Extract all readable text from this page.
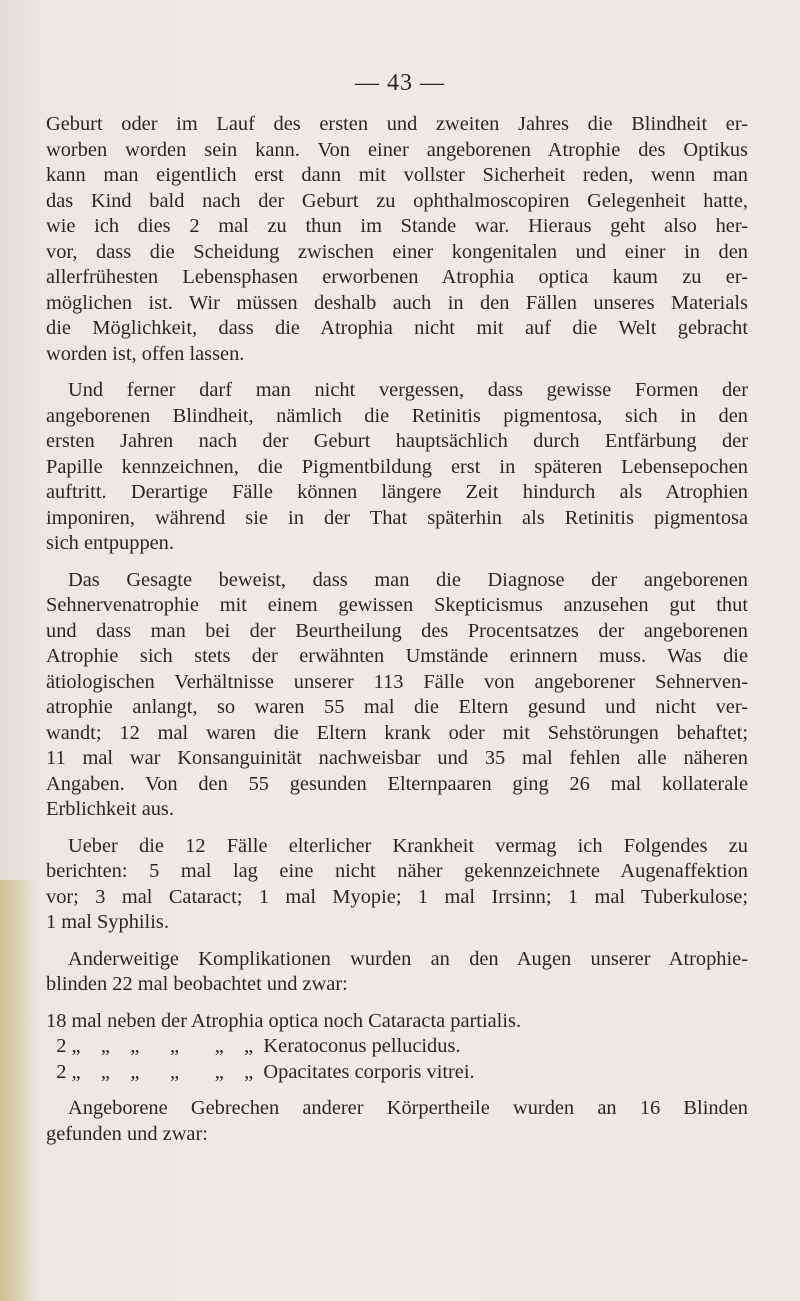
— 43 —
Geburt oder im Lauf des ersten und zweiten Jahres die Blindheit er-
worben worden sein kann. Von einer angeborenen Atrophie des Optikus
kann man eigentlich erst dann mit vollster Sicherheit reden, wenn man
das Kind bald nach der Geburt zu ophthalmoscopiren Gelegenheit hatte,
wie ich dies 2 mal zu thun im Stande war. Hieraus geht also her-
vor, dass die Scheidung zwischen einer kongenitalen und einer in den
allerfrühesten Lebensphasen erworbenen Atrophia optica kaum zu er-
möglichen ist. Wir müssen deshalb auch in den Fällen unseres Materials
die Möglichkeit, dass die Atrophia nicht mit auf die Welt gebracht
worden ist, offen lassen.
Und ferner darf man nicht vergessen, dass gewisse Formen der
angeborenen Blindheit, nämlich die Retinitis pigmentosa, sich in den
ersten Jahren nach der Geburt hauptsächlich durch Entfärbung der
Papille kennzeichnen, die Pigmentbildung erst in späteren Lebensepochen
auftritt. Derartige Fälle können längere Zeit hindurch als Atrophien
imponiren, während sie in der That späterhin als Retinitis pigmentosa
sich entpuppen.
Das Gesagte beweist, dass man die Diagnose der angeborenen
Sehnervenatrophie mit einem gewissen Skepticismus anzusehen gut thut
und dass man bei der Beurtheilung des Procentsatzes der angeborenen
Atrophie sich stets der erwähnten Umstände erinnern muss. Was die
ätiologischen Verhältnisse unserer 113 Fälle von angeborener Sehnerven-
atrophie anlangt, so waren 55 mal die Eltern gesund und nicht ver-
wandt; 12 mal waren die Eltern krank oder mit Sehstörungen behaftet;
11 mal war Konsanguinität nachweisbar und 35 mal fehlen alle näheren
Angaben. Von den 55 gesunden Elternpaaren ging 26 mal kollaterale
Erblichkeit aus.
Ueber die 12 Fälle elterlicher Krankheit vermag ich Folgendes zu
berichten: 5 mal lag eine nicht näher gekennzeichnete Augenaffektion
vor; 3 mal Cataract; 1 mal Myopie; 1 mal Irrsinn; 1 mal Tuberkulose;
1 mal Syphilis.
Anderweitige Komplikationen wurden an den Augen unserer Atrophie-
blinden 22 mal beobachtet und zwar:
18 mal neben der Atrophia optica noch Cataracta partialis.
2 „    „    „      „       „    „  Keratoconus pellucidus.
2 „    „    „      „       „    „  Opacitates corporis vitrei.
Angeborene Gebrechen anderer Körpertheile wurden an 16 Blinden
gefunden und zwar:
